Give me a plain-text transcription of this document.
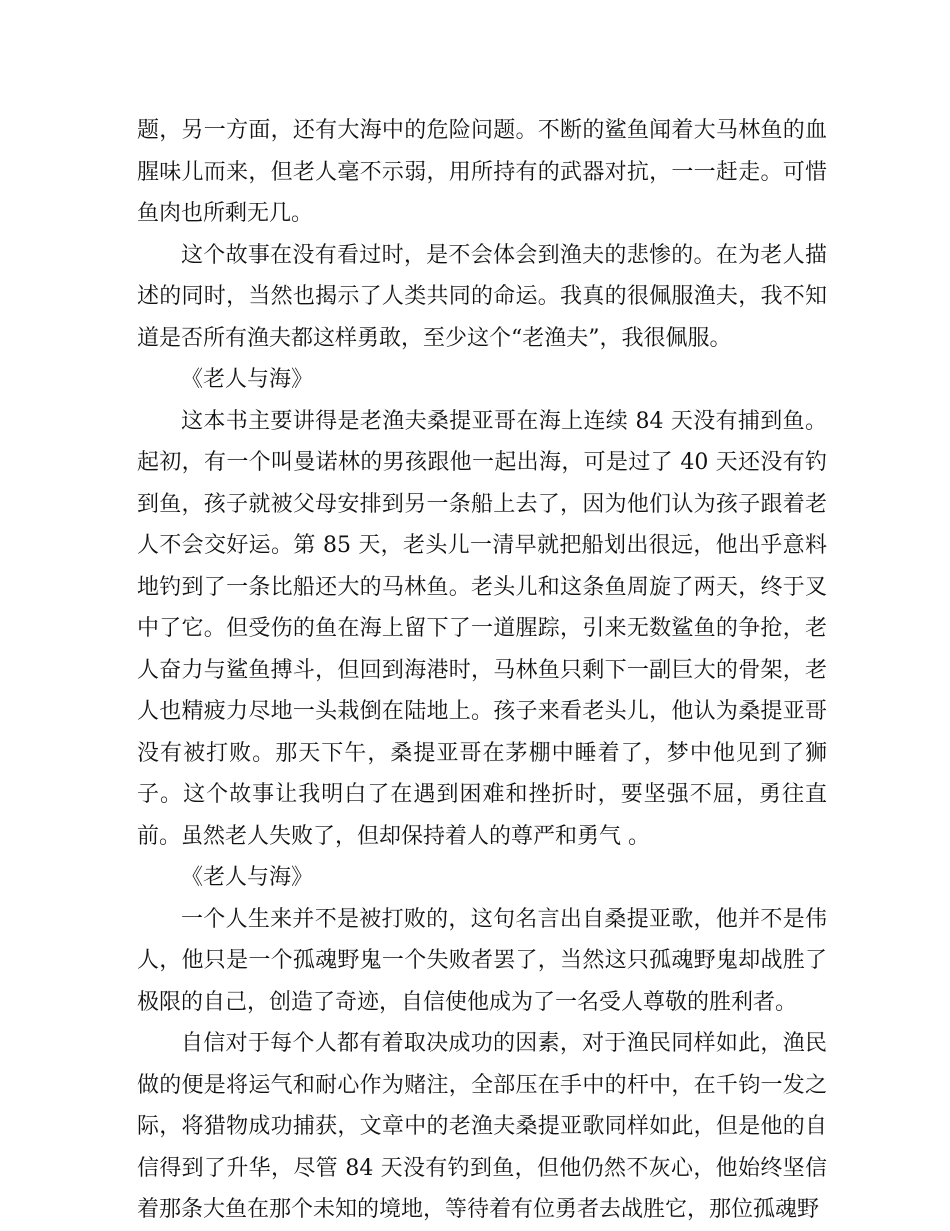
题，另一方面，还有大海中的危险问题。不断的鲨鱼闻着大马林鱼的血腥味儿而来，但老人毫不示弱，用所持有的武器对抗，一一赶走。可惜鱼肉也所剩无几。

这个故事在没有看过时，是不会体会到渔夫的悲惨的。在为老人描述的同时，当然也揭示了人类共同的命运。我真的很佩服渔夫，我不知道是否所有渔夫都这样勇敢，至少这个“老渔夫”，我很佩服。

《老人与海》

这本书主要讲得是老渔夫桑提亚哥在海上连续 84 天没有捕到鱼。起初，有一个叫曼诺林的男孩跟他一起出海，可是过了 40 天还没有钓到鱼，孩子就被父母安排到另一条船上去了，因为他们认为孩子跟着老人不会交好运。第 85 天，老头儿一清早就把船划出很远，他出乎意料地钓到了一条比船还大的马林鱼。老头儿和这条鱼周旋了两天，终于叉中了它。但受伤的鱼在海上留下了一道腥踪，引来无数鲨鱼的争抢，老人奋力与鲨鱼搏斗，但回到海港时，马林鱼只剩下一副巨大的骨架，老人也精疲力尽地一头栽倒在陆地上。孩子来看老头儿，他认为桑提亚哥没有被打败。那天下午，桑提亚哥在茅棚中睡着了，梦中他见到了狮子。这个故事让我明白了在遇到困难和挫折时，要坚强不屈，勇往直前。虽然老人失败了，但却保持着人的尊严和勇气 。

《老人与海》

一个人生来并不是被打败的，这句名言出自桑提亚歌，他并不是伟人，他只是一个孤魂野鬼一个失败者罢了，当然这只孤魂野鬼却战胜了极限的自己，创造了奇迹，自信使他成为了一名受人尊敬的胜利者。

自信对于每个人都有着取决成功的因素，对于渔民同样如此，渔民做的便是将运气和耐心作为赌注，全部压在手中的杆中，在千钧一发之际，将猎物成功捕获，文章中的老渔夫桑提亚歌同样如此，但是他的自信得到了升华，尽管 84 天没有钓到鱼，但他仍然不灰心，他始终坚信着那条大鱼在那个未知的境地，等待着有位勇者去战胜它，那位孤魂野
